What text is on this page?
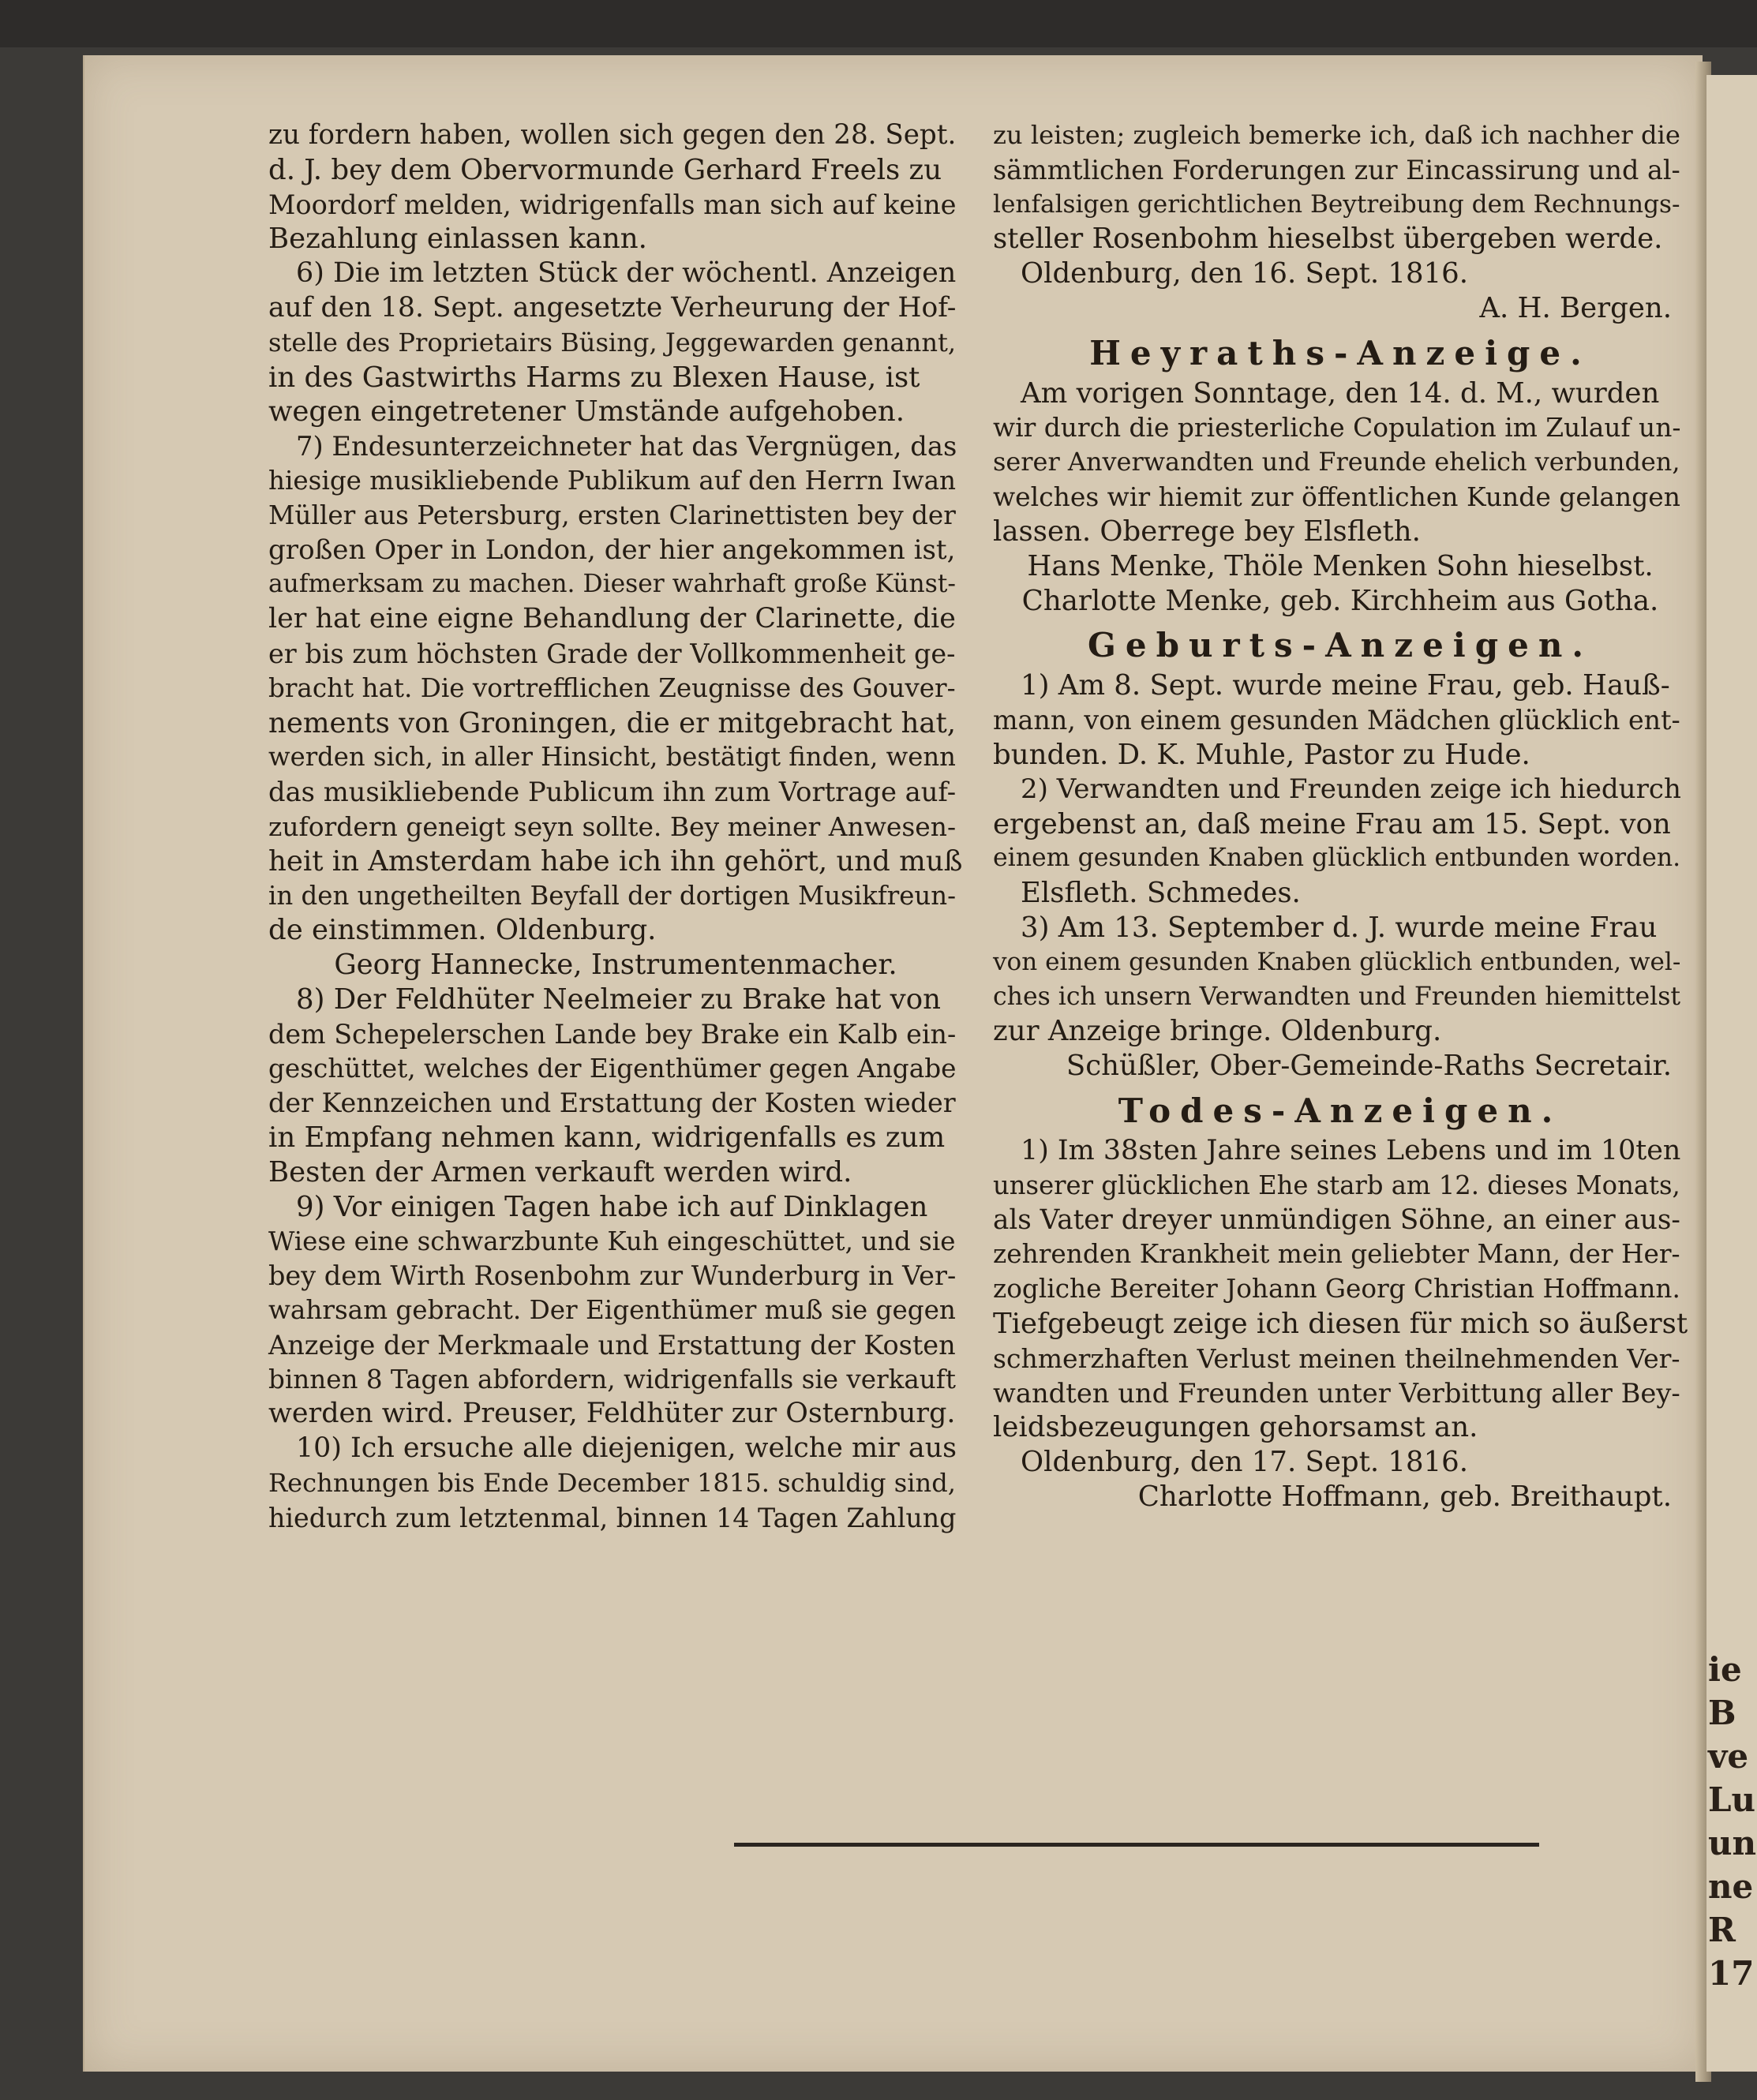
ie
B
ve
Lu
un
ne
R
17
zu fordern haben, wollen sich gegen den 28. Sept.
d. J. bey dem Obervormunde Gerhard Freels zu
Moordorf melden, widrigenfalls man sich auf keine
Bezahlung einlassen kann.
6) Die im letzten Stück der wöchentl. Anzeigen
auf den 18. Sept. angesetzte Verheurung der Hof-
stelle des Proprietairs Büsing, Jeggewarden genannt,
in des Gastwirths Harms zu Blexen Hause, ist
wegen eingetretener Umstände aufgehoben.
7) Endesunterzeichneter hat das Vergnügen, das
hiesige musikliebende Publikum auf den Herrn Iwan
Müller aus Petersburg, ersten Clarinettisten bey der
großen Oper in London, der hier angekommen ist,
aufmerksam zu machen. Dieser wahrhaft große Künst-
ler hat eine eigne Behandlung der Clarinette, die
er bis zum höchsten Grade der Vollkommenheit ge-
bracht hat. Die vortrefflichen Zeugnisse des Gouver-
nements von Groningen, die er mitgebracht hat,
werden sich, in aller Hinsicht, bestätigt finden, wenn
das musikliebende Publicum ihn zum Vortrage auf-
zufordern geneigt seyn sollte. Bey meiner Anwesen-
heit in Amsterdam habe ich ihn gehört, und muß
in den ungetheilten Beyfall der dortigen Musikfreun-
de einstimmen. Oldenburg.
Georg Hannecke, Instrumentenmacher.
8) Der Feldhüter Neelmeier zu Brake hat von
dem Schepelerschen Lande bey Brake ein Kalb ein-
geschüttet, welches der Eigenthümer gegen Angabe
der Kennzeichen und Erstattung der Kosten wieder
in Empfang nehmen kann, widrigenfalls es zum
Besten der Armen verkauft werden wird.
9) Vor einigen Tagen habe ich auf Dinklagen
Wiese eine schwarzbunte Kuh eingeschüttet, und sie
bey dem Wirth Rosenbohm zur Wunderburg in Ver-
wahrsam gebracht. Der Eigenthümer muß sie gegen
Anzeige der Merkmaale und Erstattung der Kosten
binnen 8 Tagen abfordern, widrigenfalls sie verkauft
werden wird. Preuser, Feldhüter zur Osternburg.
10) Ich ersuche alle diejenigen, welche mir aus
Rechnungen bis Ende December 1815. schuldig sind,
hiedurch zum letztenmal, binnen 14 Tagen Zahlung
zu leisten; zugleich bemerke ich, daß ich nachher die
sämmtlichen Forderungen zur Eincassirung und al-
lenfalsigen gerichtlichen Beytreibung dem Rechnungs-
steller Rosenbohm hieselbst übergeben werde.
Oldenburg, den 16. Sept. 1816.
A. H. Bergen.
Heyraths-Anzeige.
Am vorigen Sonntage, den 14. d. M., wurden
wir durch die priesterliche Copulation im Zulauf un-
serer Anverwandten und Freunde ehelich verbunden,
welches wir hiemit zur öffentlichen Kunde gelangen
lassen. Oberrege bey Elsfleth.
Hans Menke, Thöle Menken Sohn hieselbst.
Charlotte Menke, geb. Kirchheim aus Gotha.
Geburts-Anzeigen.
1) Am 8. Sept. wurde meine Frau, geb. Hauß-
mann, von einem gesunden Mädchen glücklich ent-
bunden. D. K. Muhle, Pastor zu Hude.
2) Verwandten und Freunden zeige ich hiedurch
ergebenst an, daß meine Frau am 15. Sept. von
einem gesunden Knaben glücklich entbunden worden.
Elsfleth. Schmedes.
3) Am 13. September d. J. wurde meine Frau
von einem gesunden Knaben glücklich entbunden, wel-
ches ich unsern Verwandten und Freunden hiemittelst
zur Anzeige bringe. Oldenburg.
Schüßler, Ober-Gemeinde-Raths Secretair.
Todes-Anzeigen.
1) Im 38sten Jahre seines Lebens und im 10ten
unserer glücklichen Ehe starb am 12. dieses Monats,
als Vater dreyer unmündigen Söhne, an einer aus-
zehrenden Krankheit mein geliebter Mann, der Her-
zogliche Bereiter Johann Georg Christian Hoffmann.
Tiefgebeugt zeige ich diesen für mich so äußerst
schmerzhaften Verlust meinen theilnehmenden Ver-
wandten und Freunden unter Verbittung aller Bey-
leidsbezeugungen gehorsamst an.
Oldenburg, den 17. Sept. 1816.
Charlotte Hoffmann, geb. Breithaupt.
